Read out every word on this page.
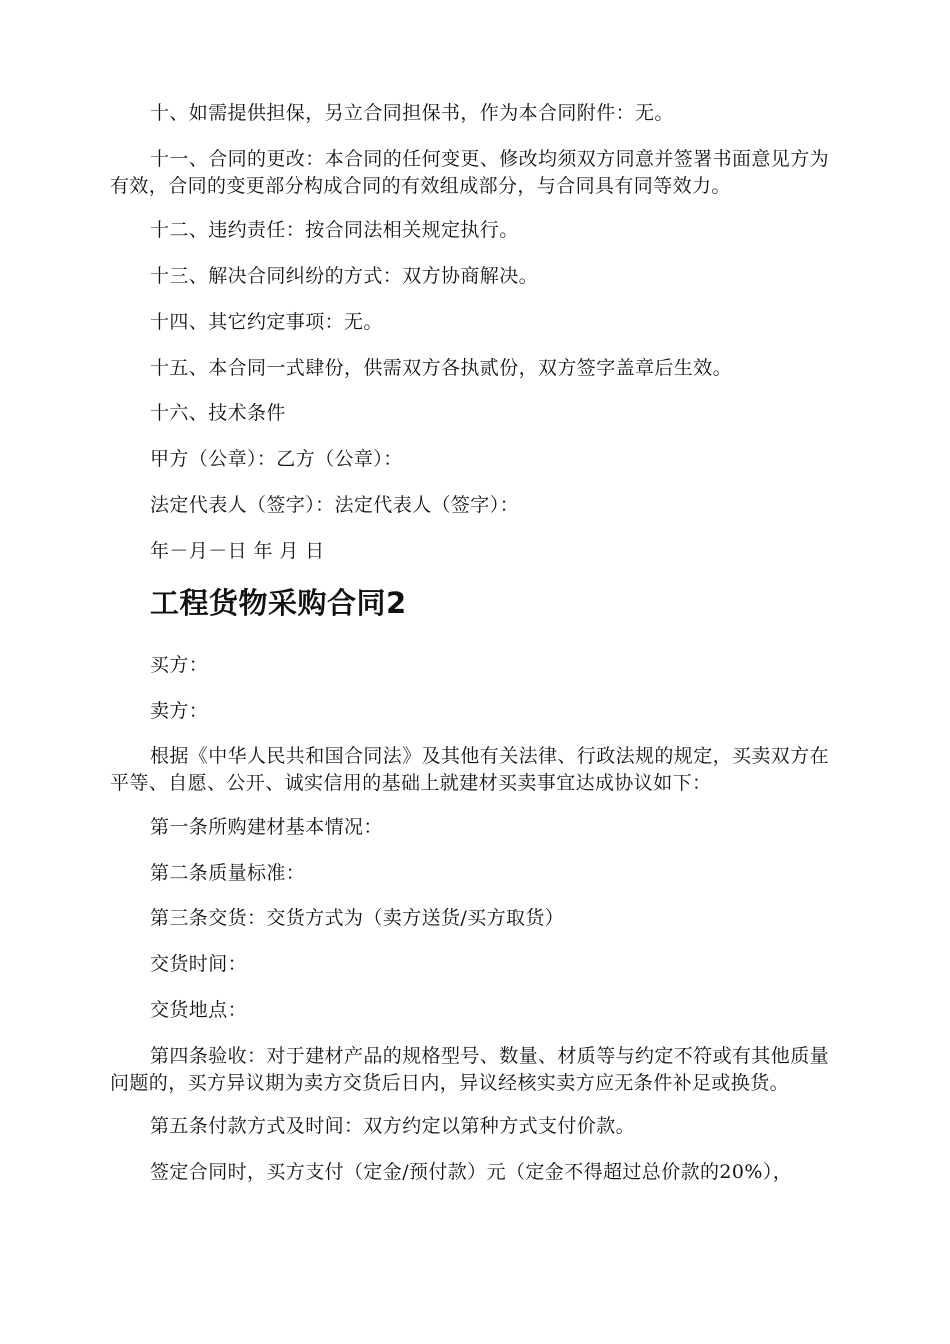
十、如需提供担保，另立合同担保书，作为本合同附件：无。

十一、合同的更改：本合同的任何变更、修改均须双方同意并签署书面意见方为有效，合同的变更部分构成合同的有效组成部分，与合同具有同等效力。

十二、违约责任：按合同法相关规定执行。

十三、解决合同纠纷的方式：双方协商解决。

十四、其它约定事项：无。

十五、本合同一式肆份，供需双方各执贰份，双方签字盖章后生效。

十六、技术条件

甲方（公章）：乙方（公章）：

法定代表人（签字）：法定代表人（签字）：

年－月－日 年 月 日

工程货物采购合同2

买方：

卖方：

根据《中华人民共和国合同法》及其他有关法律、行政法规的规定，买卖双方在平等、自愿、公开、诚实信用的基础上就建材买卖事宜达成协议如下：

第一条所购建材基本情况：

第二条质量标准：

第三条交货：交货方式为（卖方送货/买方取货）

交货时间：

交货地点：

第四条验收：对于建材产品的规格型号、数量、材质等与约定不符或有其他质量问题的，买方异议期为卖方交货后日内，异议经核实卖方应无条件补足或换货。

第五条付款方式及时间：双方约定以第种方式支付价款。

签定合同时，买方支付（定金/预付款）元（定金不得超过总价款的20%），
